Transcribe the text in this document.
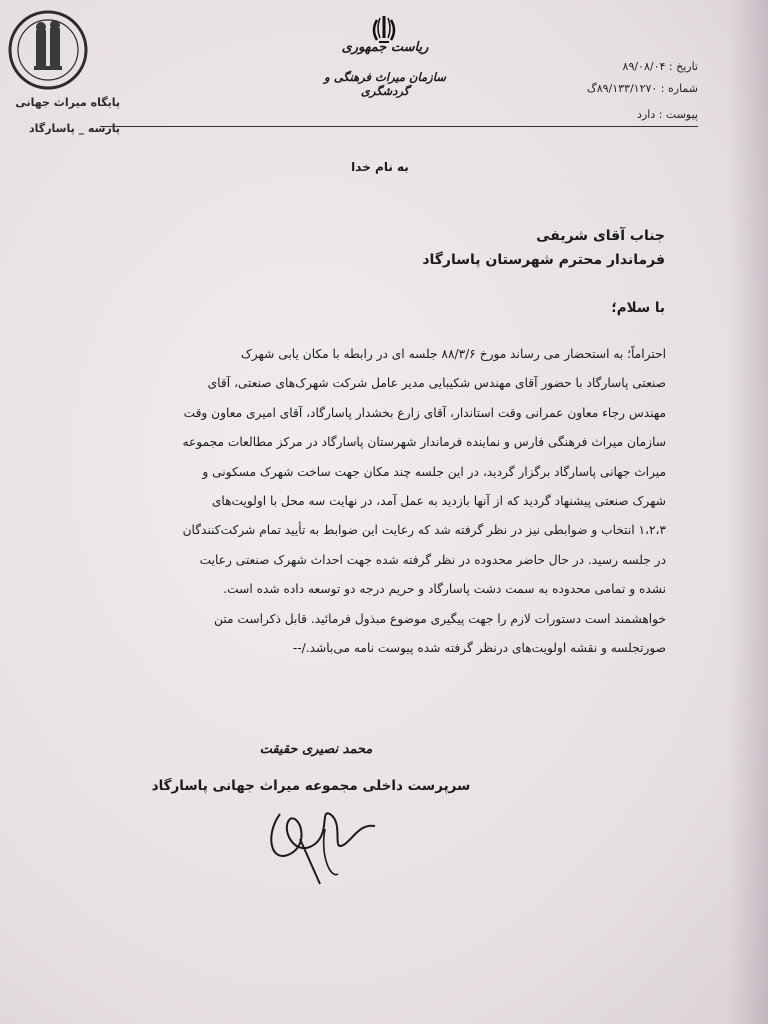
پایگاه میراث جهانی
پارسه _ پاسارگاد
ریاست جمهوری
سازمان میراث فرهنگی و گردشگری
تاریخ : ۸۹/۰۸/۰۴
شماره : ۸۹/۱۳۳/۱۲۷۰گ
پیوست : دارد
به نام خدا
جناب آقای شریفی
فرماندار محترم شهرستان پاسارگاد
با سلام؛

احتراماً؛ به استحضار می رساند مورخ ۸۸/۳/۶ جلسه ای در رابطه با مکان یابی شهرک

صنعتی پاسارگاد با حضور آقای مهندس شکیبایی مدیر عامل شرکت شهرک‌های صنعتی، آقای

مهندس رجاء معاون عمرانی وقت استاندار، آقای زارع بخشدار پاسارگاد، آقای امیری معاون وقت

سازمان میراث فرهنگی فارس و نماینده فرماندار شهرستان پاسارگاد در مرکز مطالعات مجموعه

میراث جهانی پاسارگاد برگزار گردید، در این جلسه چند مکان جهت ساخت شهرک مسکونی و

شهرک صنعتی پیشنهاد گردید که از آنها بازدید به عمل آمد، در نهایت سه محل با اولویت‌های

۱،۲،۳ انتخاب و ضوابطی نیز در نظر گرفته شد که رعایت این ضوابط به تأیید تمام شرکت‌کنندگان

در جلسه رسید. در حال حاضر محدوده در نظر گرفته شده جهت احداث شهرک صنعتی رعایت

نشده و تمامی محدوده به سمت دشت پاسارگاد و حریم درجه دو توسعه داده شده است.

خواهشمند است دستورات لازم را جهت پیگیری موضوع مبذول فرمائید. قابل ذکراست متن

صورتجلسه و نقشه اولویت‌های درنظر گرفته شده پیوست نامه می‌باشد./--

محمد نصیری حقیقت
سرپرست داخلی مجموعه میراث جهانی پاسارگاد
